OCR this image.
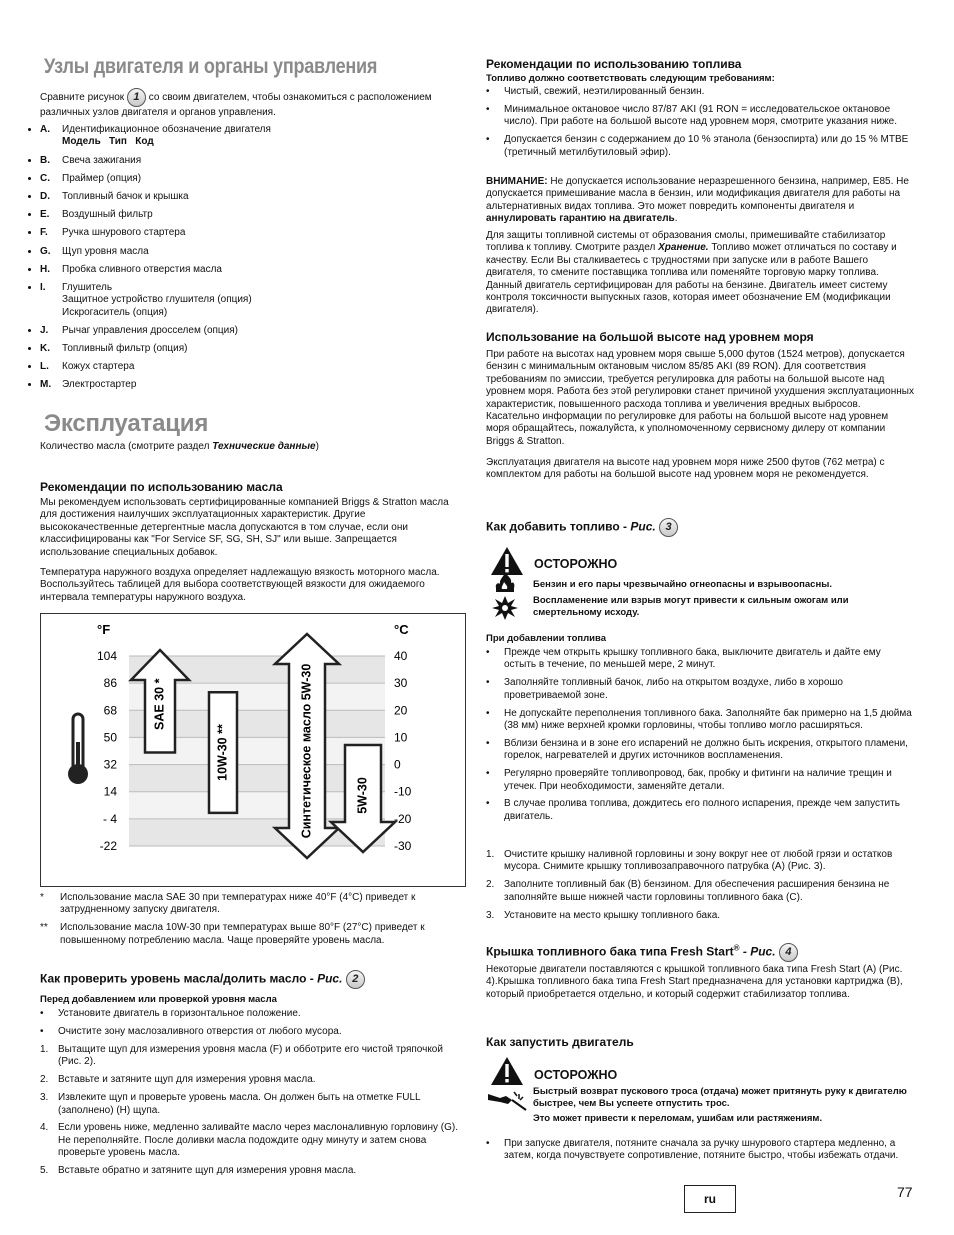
Узлы двигателя и органы управления

Сравните рисунок 1 со своим двигателем, чтобы ознакомиться с расположением различных узлов двигателя и органов управления.

• A. Идентификационное обозначение двигателя
Модель   Тип   Код
• B. Свеча зажигания
• C. Праймер (опция)
• D. Топливный бачок и крышка
• E. Воздушный фильтр
• F. Ручка шнурового стартера
• G. Щуп уровня масла
• H. Пробка сливного отверстия масла
• I. Глушитель
Защитное устройство глушителя (опция)
Искрогаситель (опция)
• J. Рычаг управления дросселем (опция)
• K. Топливный фильтр (опция)
• L. Кожух стартера
• M. Электростартер
Эксплуатация

Количество масла (смотрите раздел Технические данные)

Рекомендации по использованию масла

Мы рекомендуем использовать сертифицированные компанией Briggs & Stratton масла для достижения наилучших эксплуатационных характеристик. Другие высококачественные детергентные масла допускаются в том случае, если они классифицированы как "For Service SF, SG, SH, SJ" или выше. Запрещается использование специальных добавок.

Температура наружного воздуха определяет надлежащую вязкость моторного масла. Воспользуйтесь таблицей для выбора соответствующей вязкости для ожидаемого интервала температуры наружного воздуха.

°F	°C
104
86
68
50
32
14
- 4
-22
40
30
20
10
0
-10
-20
-30
SAE 30 *
10W-30 **	Синтетическое масло 5W-30	5W-30
* Использование масла SAE 30 при температурах ниже 40°F (4°C) приведет к затрудненному запуску двигателя.
** Использование масла 10W-30 при температурах выше 80°F (27°C) приведет к повышенному потреблению масла. Чаще проверяйте уровень масла.
Как проверить уровень масла/долить масло - Рис. 2
Перед добавлением или проверкой уровня масла
• Установите двигатель в горизонтальное положение.
• Очистите зону маслозаливного отверстия от любого мусора.
1. Вытащите щуп для измерения уровня масла (F) и обботрите его чистой тряпочкой (Рис. 2).
2. Вставьте и затяните щуп для измерения уровня масла.
3. Извлеките щуп и проверьте уровень масла. Он должен быть на отметке FULL (заполнено) (H) щупа.
4. Если уровень ниже, медленно заливайте масло через маслоналивную горловину (G). Не переполняйте. После доливки масла подождите одну минуту и затем снова проверьте уровень масла.
5. Вставьте обратно и затяните щуп для измерения уровня масла.
Рекомендации по использованию топлива
Топливо должно соответствовать следующим требованиям:
• Чистый, свежий, неэтилированный бензин.
• Минимальное октановое число 87/87 AKI (91 RON = исследовательское октановое число). При работе на большой высоте над уровнем моря, смотрите указания ниже.
• Допускается бензин с содержанием до 10 % этанола (бензоспирта) или до 15 % MTBE (третичный метилбутиловый эфир).

ВНИМАНИЕ: Не допускается использование неразрешенного бензина, например, E85. Не допускается примешивание масла в бензин, или модификация двигателя для работы на альтернативных видах топлива. Это может повредить компоненты двигателя и аннулировать гарантию на двигатель.

Для защиты топливной системы от образования смолы, примешивайте стабилизатор топлива к топливу. Смотрите раздел Хранение. Топливо может отличаться по составу и качеству. Если Вы сталкиваетесь с трудностями при запуске или в работе Вашего двигателя, то смените поставщика топлива или поменяйте торговую марку топлива. Данный двигатель сертифицирован для работы на бензине. Двигатель имеет систему контроля токсичности выпускных газов, которая имеет обозначение EM (модификации двигателя).

Использование на большой высоте над уровнем моря

При работе на высотах над уровнем моря свыше 5,000 футов (1524 метров), допускается бензин с минимальным октановым числом 85/85 AKI (89 RON). Для соответствия требованиям по эмиссии, требуется регулировка для работы на большой высоте над уровнем моря. Работа без этой регулировки станет причиной ухудшения эксплуатационных характеристик, повышенного расхода топлива и увеличения вредных выбросов. Касательно информации по регулировке для работы на большой высоте над уровнем моря обращайтесь, пожалуйста, к уполномоченному сервисному дилеру от компании Briggs & Stratton.

Эксплуатация двигателя на высоте над уровнем моря ниже 2500 футов (762 метра) с комплектом для работы на большой высоте над уровнем моря не рекомендуется.

Как добавить топливо - Рис. 3
ОСТОРОЖНО
Бензин и его пары чрезвычайно огнеопасны и взрывоопасны.
Воспламенение или взрыв могут привести к сильным ожогам или смертельному исходу.
При добавлении топлива
• Прежде чем открыть крышку топливного бака, выключите двигатель и дайте ему остыть в течение, по меньшей мере, 2 минут.
• Заполняйте топливный бачок, либо на открытом воздухе, либо в хорошо проветриваемой зоне.
• Не допускайте переполнения топливного бака. Заполняйте бак примерно на 1,5 дюйма (38 мм) ниже верхней кромки горловины, чтобы топливо могло расширяться.
• Вблизи бензина и в зоне его испарений не должно быть искрения, открытого пламени, горелок, нагревателей и других источников воспламенения.
• Регулярно проверяйте топливопровод, бак, пробку и фитинги на наличие трещин и утечек. При необходимости, заменяйте детали.
• В случае пролива топлива, дождитесь его полного испарения, прежде чем запустить двигатель.
1. Очистите крышку наливной горловины и зону вокруг нее от любой грязи и остатков мусора. Снимите крышку топливозаправочного патрубка (A) (Рис. 3).
2. Заполните топливный бак (B) бензином. Для обеспечения расширения бензина не заполняйте выше нижней части горловины топливного бака (C).
3. Установите на место крышку топливного бака.
Крышка топливного бака типа Fresh Start® - Рис. 4

Некоторые двигатели поставляются с крышкой топливного бака типа Fresh Start (A) (Рис. 4).Крышка топливного бака типа Fresh Start предназначена для установки картриджа (B), который приобретается отдельно, и который содержит стабилизатор топлива.

Как запустить двигатель
ОСТОРОЖНО
Быстрый возврат пускового троса (отдача) может притянуть руку к двигателю быстрее, чем Вы успеете отпустить трос.
Это может привести к переломам, ушибам или растяжениям.
• При запуске двигателя, потяните сначала за ручку шнурового стартера медленно, а затем, когда почувствуете сопротивление, потяните быстро, чтобы избежать отдачи.
ru	77
